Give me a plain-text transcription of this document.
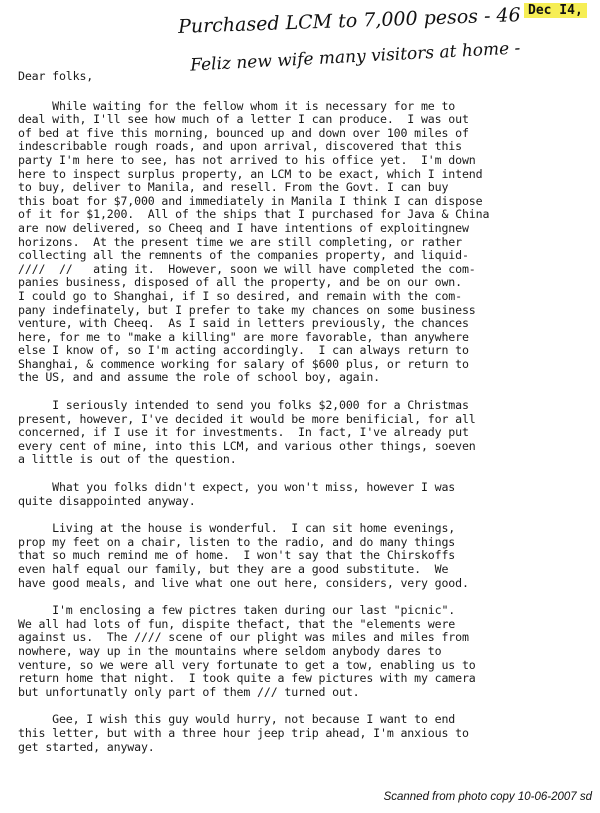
Dec I4,
Purchased LCM to 7,000 pesos - 46
Feliz new wife many visitors at home -
Dear folks,
While waiting for the fellow whom it is necessary for me to
deal with, I'll see how much of a letter I can produce.  I was out
of bed at five this morning, bounced up and down over 100 miles of
indescribable rough roads, and upon arrival, discovered that this
party I'm here to see, has not arrived to his office yet.  I'm down
here to inspect surplus property, an LCM to be exact, which I intend
to buy, deliver to Manila, and resell. From the Govt. I can buy
this boat for $7,000 and immediately in Manila I think I can dispose
of it for $1,200.  All of the ships that I purchased for Java & China
are now delivered, so Cheeq and I have intentions of exploitingnew
horizons.  At the present time we are still completing, or rather
collecting all the remnents of the companies property, and liquid-
////  //   ating it.  However, soon we will have completed the com-
panies business, disposed of all the property, and be on our own.
I could go to Shanghai, if I so desired, and remain with the com-
pany indefinately, but I prefer to take my chances on some business
venture, with Cheeq.  As I said in letters previously, the chances
here, for me to "make a killing" are more favorable, than anywhere
else I know of, so I'm acting accordingly.  I can always return to
Shanghai, & commence working for salary of $600 plus, or return to
the US, and and assume the role of school boy, again.
I seriously intended to send you folks $2,000 for a Christmas
present, however, I've decided it would be more benificial, for all
concerned, if I use it for investments.  In fact, I've already put
every cent of mine, into this LCM, and various other things, soeven
a little is out of the question.
What you folks didn't expect, you won't miss, however I was
quite disappointed anyway.
Living at the house is wonderful.  I can sit home evenings,
prop my feet on a chair, listen to the radio, and do many things
that so much remind me of home.  I won't say that the Chirskoffs
even half equal our family, but they are a good substitute.  We
have good meals, and live what one out here, considers, very good.
I'm enclosing a few pictres taken during our last "picnic".
We all had lots of fun, dispite thefact, that the "elements were
against us.  The //// scene of our plight was miles and miles from
nowhere, way up in the mountains where seldom anybody dares to
venture, so we were all very fortunate to get a tow, enabling us to
return home that night.  I took quite a few pictures with my camera
but unfortunatly only part of them /// turned out.
Gee, I wish this guy would hurry, not because I want to end
this letter, but with a three hour jeep trip ahead, I'm anxious to
get started, anyway.
Scanned from photo copy 10-06-2007 sd
